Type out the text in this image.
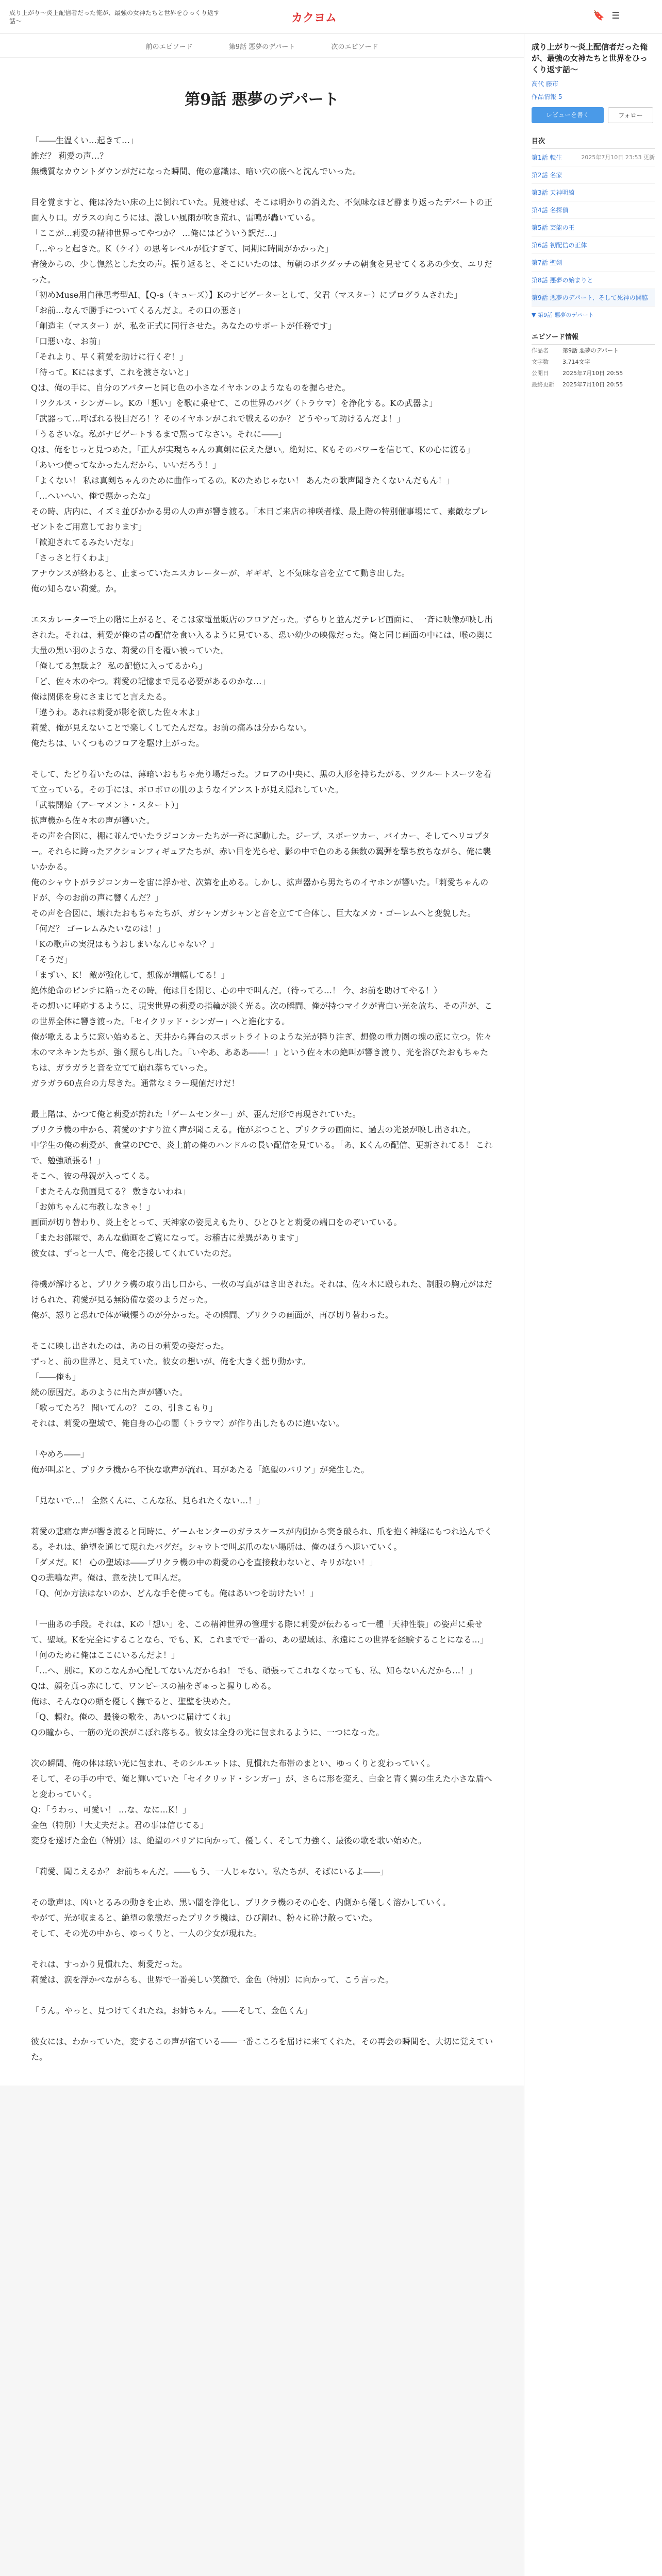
成り上がり〜炎上配信者だった俺が、最強の女神たちと世界をひっくり返す話〜	カクヨム	🔖 ☰
前のエピソード	第9話 悪夢のデパート	次のエピソード
第9話 悪夢のデパート

「――生温くい…起きて…」

誰だ？ 莉愛の声…？

無機質なカウントダウンがだになった瞬間、俺の意識は、暗い穴の底へと沈んでいった。

目を覚ますと、俺は冷たい床の上に倒れていた。見渡せば、そこは明かりの消えた、不気味なほど静まり返ったデパートの正面入り口。ガラスの向こうには、激しい風雨が吹き荒れ、雷鳴が轟いている。

「ここが…莉愛の精神世界ってやつか？ …俺にはどういう訳だ…」

「…やっと起きた。K（ケイ）の思考レベルが低すぎて、同期に時間がかかった」

背後からの、少し憮然とした女の声。振り返ると、そこにいたのは、毎朝のボクダッチの朝食を見せてくるあの少女、ユリだった。

「初めMuse用自律思考型AI、【Q-s（キューズ）】Kのナビゲーターとして、父君（マスター）にプログラムされた」

「お前…なんで勝手についてくるんだよ。その口の悪さ」

「創造主（マスター）が、私を正式に同行させた。あなたのサポートが任務です」

「口悪いな、お前」

「それより、早く莉愛を助けに行くぞ！」

「待って。Kにはまず、これを渡さないと」

Qは、俺の手に、自分のアバターと同じ色の小さなイヤホンのようなものを握らせた。

「ツクルス・シンガーレ。Kの「想い」を歌に乗せて、この世界のバグ（トラウマ）を浄化する。Kの武器よ」

「武器って…呼ばれる役目だろ！？そのイヤホンがこれで戦えるのか？ どうやって助けるんだよ！」

「うるさいな。私がナビゲートするまで黙ってなさい。それに――」

Qは、俺をじっと見つめた。「正人が実現ちゃんの真剣に伝えた想い。絶対に、Kもそのパワーを信じて、Kの心に渡る」

「あいつ使ってなかったんだから、いいだろう！」

「よくない！ 私は真剣ちゃんのために曲作ってるの。Kのためじゃない！ あんたの歌声聞きたくないんだもん！」

「…へいへい、俺で悪かったな」

その時、店内に、イズミ並びかかる男の人の声が響き渡る。「本日ご来店の神咲者様、最上階の特別催事場にて、素敵なプレゼントをご用意しております」

「歓迎されてるみたいだな」

「さっさと行くわよ」

アナウンスが終わると、止まっていたエスカレーターが、ギギギ、と不気味な音を立てて動き出した。

俺の知らない莉愛。か。

エスカレーターで上の階に上がると、そこは家電量販店のフロアだった。ずらりと並んだテレビ画面に、一斉に映像が映し出された。それは、莉愛が俺の昔の配信を食い入るように見ている、恐い幼少の映像だった。俺と同じ画面の中には、喉の奥に大量の黒い羽のような、莉愛の目を覆い被っていた。

「俺してる無駄よ？ 私の記憶に入ってるから」

「ど、佐々木のやつ。莉愛の記憶まで見る必要があるのかな…」

俺は関係を身にさまじてと言えたる。

「違うわ。あれは莉愛が影を欲した佐々木よ」

莉愛、俺が見えないことで楽しくしてたんだな。お前の痛みは分からない。

俺たちは、いくつものフロアを駆け上がった。

そして、たどり着いたのは、薄暗いおもちゃ売り場だった。フロアの中央に、黒の人形を持ちたがる、ツクルートスーツを着て立っている。その手には、ボロボロの肌のようなイアンストが見え隠れしていた。

「武装開始（アーマメント・スタート）」

拡声機から佐々木の声が響いた。

その声を合図に、棚に並んでいたラジコンカーたちが一斉に起動した。ジープ、スポーツカー、バイカー、そしてヘリコプター。それらに跨ったアクションフィギュアたちが、赤い目を光らせ、影の中で色のある無数の翼弾を撃ち放ちながら、俺に襲いかかる。

俺のシャウトがラジコンカーを宙に浮かせ、次第を止める。しかし、拡声器から男たちのイヤホンが響いた。「莉愛ちゃんのドが、今のお前の声に響くんだ？」

その声を合図に、壊れたおもちゃたちが、ガシャンガシャンと音を立てて合体し、巨大なメカ・ゴーレムへと変貌した。

「何だ？ ゴーレムみたいなのは！」

「Kの歌声の実況はもうおしまいなんじゃない？」

「そうだ」

「まずい、K！ 敵が強化して、想像が増幅してる！」

絶体絶命のピンチに陥ったその時。俺は目を閉じ、心の中で叫んだ。（待ってろ…！ 今、お前を助けてやる！）

その想いに呼応するように、現実世界の莉愛の指輪が淡く光る。次の瞬間、俺が持つマイクが青白い光を放ち、その声が、この世界全体に響き渡った。「セイクリッド・シンガー」へと進化する。

俺が歌えるように窓い始めると、天井から舞台のスポットライトのような光が降り注ぎ、想像の重力圏の塊の底に立つ。佐々木のマネキンたちが、強く照らし出した。「いやあ、あああ――！」という佐々木の絶叫が響き渡り、光を浴びたおもちゃたちは、ガラガラと音を立てて崩れ落ちていった。

ガラガラ60点台の力尽きた。通常なミラー現値だけだ！

最上階は、かつて俺と莉愛が訪れた「ゲームセンター」が、歪んだ形で再現されていた。

プリクラ機の中から、莉愛のすすり泣く声が聞こえる。俺がぶつこと、プリクラの画面に、過去の光景が映し出された。

中学生の俺の莉愛が、食堂のPCで、炎上前の俺のハンドルの長い配信を見ている。「あ、Kくんの配信、更新されてる！ これで、勉強頑張る！」

そこへ、彼の母親が入ってくる。

「またそんな動画見てる？ 敷きないわね」

「お姉ちゃんに布教しなきゃ！」

画面が切り替わり、炎上をとって、天神家の姿見えもたり、ひとひとと莉愛の端口をのぞいている。

「またお部屋で、あんな動画をご覧になって。お稽古に差異があります」

彼女は、ずっと一人で、俺を応援してくれていたのだ。

待機が解けると、プリクラ機の取り出し口から、一枚の写真がはき出された。それは、佐々木に殴られた、制服の胸元がはだけられた、莉愛が見る無防備な姿のようだった。

俺が、怒りと恐れで体が戦慄うのが分かった。その瞬間、プリクラの画面が、再び切り替わった。

そこに映し出されたのは、あの日の莉愛の姿だった。

ずっと、前の世界と、見えていた。彼女の想いが、俺を大きく揺り動かす。

「――俺も」

続の原因だ。あのように出た声が響いた。

「歌ってたろ？ 聞いてんの？ この、引きこもり」

それは、莉愛の聖域で、俺自身の心の闇（トラウマ）が作り出したものに違いない。

「やめろ――」

俺が叫ぶと、プリクラ機から不快な歌声が流れ、耳があたる「絶望のバリア」が発生した。

「見ないで…！ 全然くんに、こんな私、見られたくない…！」

莉愛の悲痛な声が響き渡ると同時に、ゲームセンターのガラスケースが内側から突き破られ、爪を抱く神経にもつれ込んでくる。それは、絶望を通じて現れたバグだ。シャウトで叫ぶ爪のない場所は、俺のほうへ退いていく。

「ダメだ。K！ 心の聖域は――プリクラ機の中の莉愛の心を直接救わないと、キリがない！」

Qの悲鳴な声。俺は、意を決して叫んだ。

「Q、何か方法はないのか、どんな手を使っても。俺はあいつを助けたい！」

「一曲あの手段。それは、Kの「想い」を、この精神世界の管理する際に莉愛が伝わるって一種「天神性装」の姿声に乗せて、聖域。Kを完全にすることなら、でも、K、これまでで一番の、あの聖域は、永遠にこの世界を経験することになる…」

「何のために俺はここにいるんだよ！」

「…へ、別に。Kのこなんか心配してないんだからね！ でも、頑張ってこれなくなっても、私、知らないんだから…！」

Qは、顔を真っ赤にして、ワンピースの袖をぎゅっと握りしめる。

俺は、そんなQの頭を優しく撫でると、聖壁を決めた。

「Q、頼む。俺の、最後の歌を、あいつに届けてくれ」

Qの瞳から、一筋の光の涙がこぼれ落ちる。彼女は全身の光に包まれるように、一つになった。

次の瞬間、俺の体は眩い光に包まれ、そのシルエットは、見慣れた布帯のまとい、ゆっくりと変わっていく。

そして、その手の中で、俺と輝いていた「セイクリッド・シンガー」が、さらに形を変え、白金と青く翼の生えた小さな盾へと変わっていく。

Q：「うわっ、可愛い！ …な、なに…K！」

金色（特別）「大丈夫だよ。君の事は信じてる」

変身を遂げた金色（特別）は、絶望のバリアに向かって、優しく、そして力強く、最後の歌を歌い始めた。

「莉愛、聞こえるか？ お前ちゃんだ。――もう、一人じゃない。私たちが、そばにいるよ――」

その歌声は、凶いとるみの動きを止め、黒い闇を浄化し、プリクラ機のその心を、内側から優しく溶かしていく。

やがて、光が収まると、絶望の象徴だったプリクラ機は、ひび割れ、粉々に砕け散っていた。

そして、その光の中から、ゆっくりと、一人の少女が現れた。

それは、すっかり見慣れた、莉愛だった。

莉愛は、涙を浮かべながらも、世界で一番美しい笑顔で、金色（特別）に向かって、こう言った。

「うん。やっと、見つけてくれたね。お姉ちゃん。――そして、金色くん」

彼女には、わかっていた。変するこの声が宿ている――一番こころを届けに来てくれた。その再会の瞬間を、大切に覚えていた。

成り上がり〜炎上配信者だった俺が、最強の女神たちと世界をひっくり返す話〜
高代 藤市
作品情報 5
レビューを書く	フォロー
目次
第1話 転生	2025年7月10日 23:53 更新
第2話 名家
第3話 天神明綺
第4話 名探偵
第5話 芸能の王
第6話 初配信の正体
第7話 聖剣
第8話 悪夢の始まりと
第9話 悪夢のデパート、そして死神の開脇
▼ 第9話 悪夢のデパート
エピソード情報
作品名	第9話 悪夢のデパート
文字数	3,714文字
公開日	2025年7月10日 20:55
最終更新	2025年7月10日 20:55
